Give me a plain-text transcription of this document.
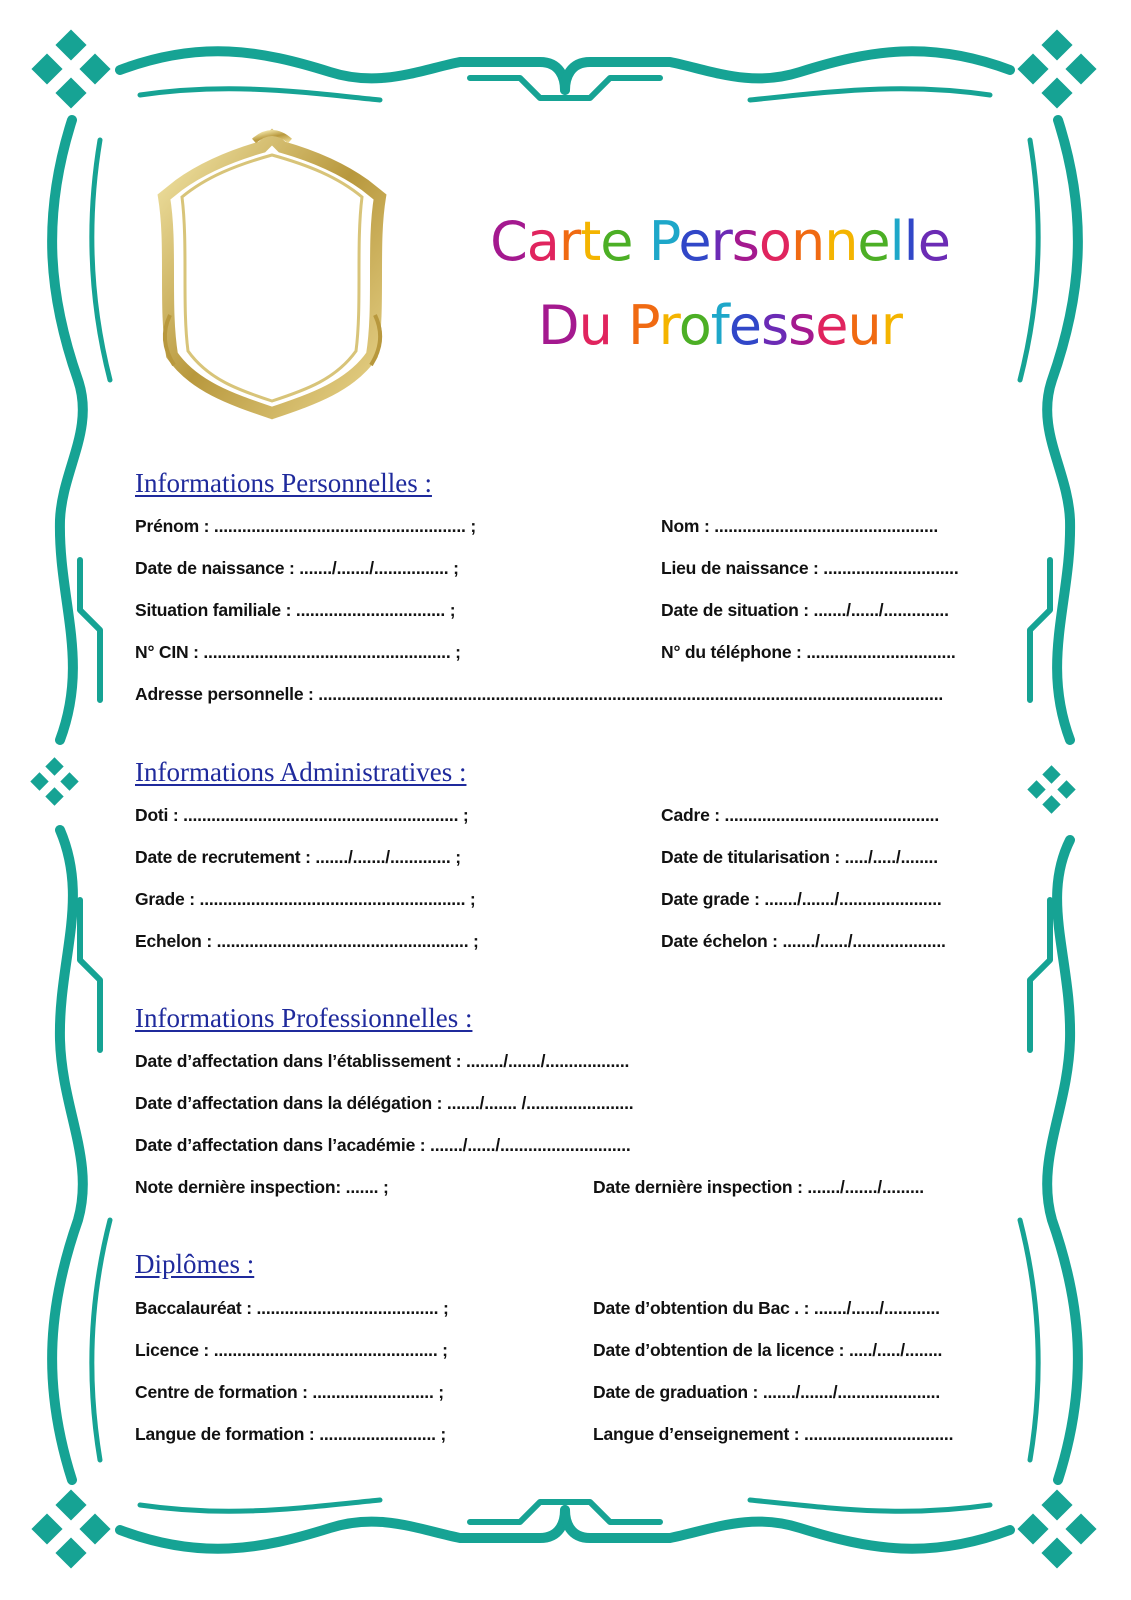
Carte Personnelle
Du Professeur
Informations Personnelles :
Prénom : ...................................................... ;	Nom : ................................................
Date de naissance : ......./......./................ ;	Lieu de naissance : .............................
Situation familiale : ................................ ;	Date de situation : ......./....../..............
N° CIN : ..................................................... ;	N° du téléphone : ................................
Adresse personnelle : ......................................................................................................................................
Informations Administratives :
Doti : ........................................................... ;	Cadre : ..............................................
Date de recrutement : ......./......./............. ;	Date de titularisation : ...../...../........
Grade : ......................................................... ;	Date grade : ......./......./......................
Echelon : ...................................................... ;	Date échelon : ......./....../....................
Informations Professionnelles :
Date d’affectation dans l’établissement : ......../......./..................
Date d’affectation dans la délégation : ......./....... /.......................
Date d’affectation dans l’académie : ......./....../............................
Note dernière inspection: ....... ;	Date dernière inspection : ......./......./.........
Diplômes :
Baccalauréat : ....................................... ;	Date d’obtention du Bac . : ......./....../............
Licence : ................................................ ;	Date d’obtention de la licence : ...../...../........
Centre de formation : .......................... ;	Date de graduation : ......./......./......................
Langue de formation : ......................... ;	Langue d’enseignement : ................................
